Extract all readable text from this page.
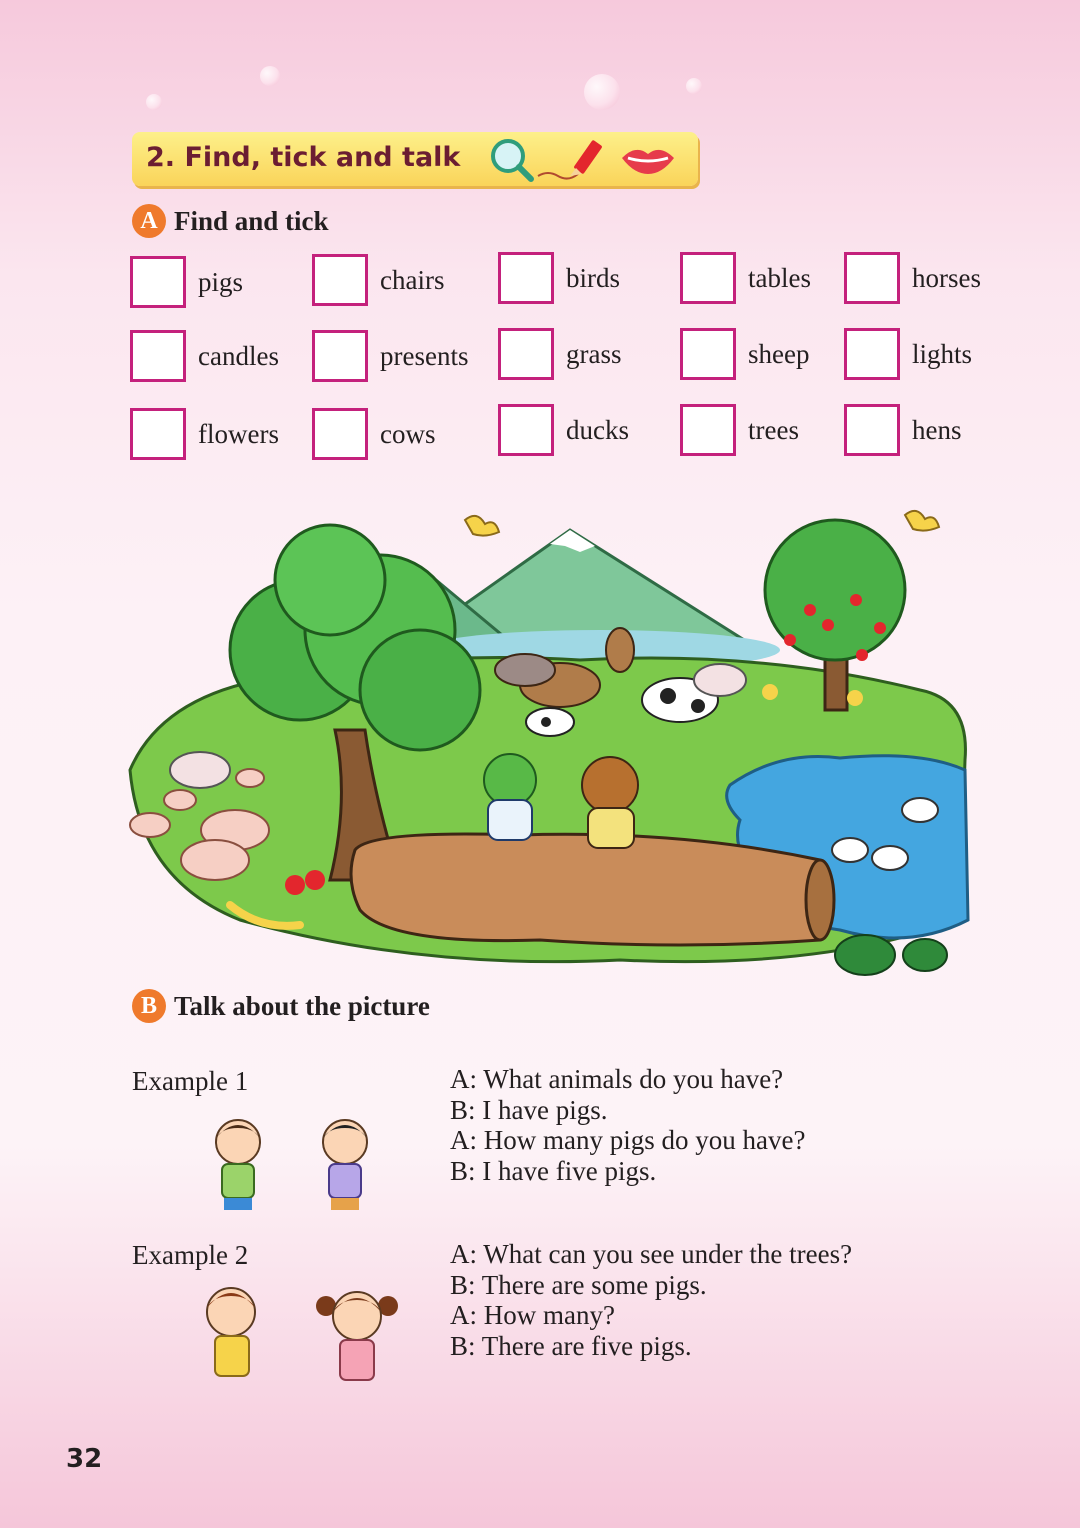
2. Find, tick and talk
A Find and tick
pigs	chairs	birds	tables	horses
candles	presents	grass	sheep	lights
flowers	cows	ducks	trees	hens
B Talk about the picture
Example 1	A: What animals do you have?
B: I have pigs.
A: How many pigs do you have?
B: I have five pigs.
Example 2	A: What can you see under the trees?
B: There are some pigs.
A: How many?
B: There are five pigs.
32
